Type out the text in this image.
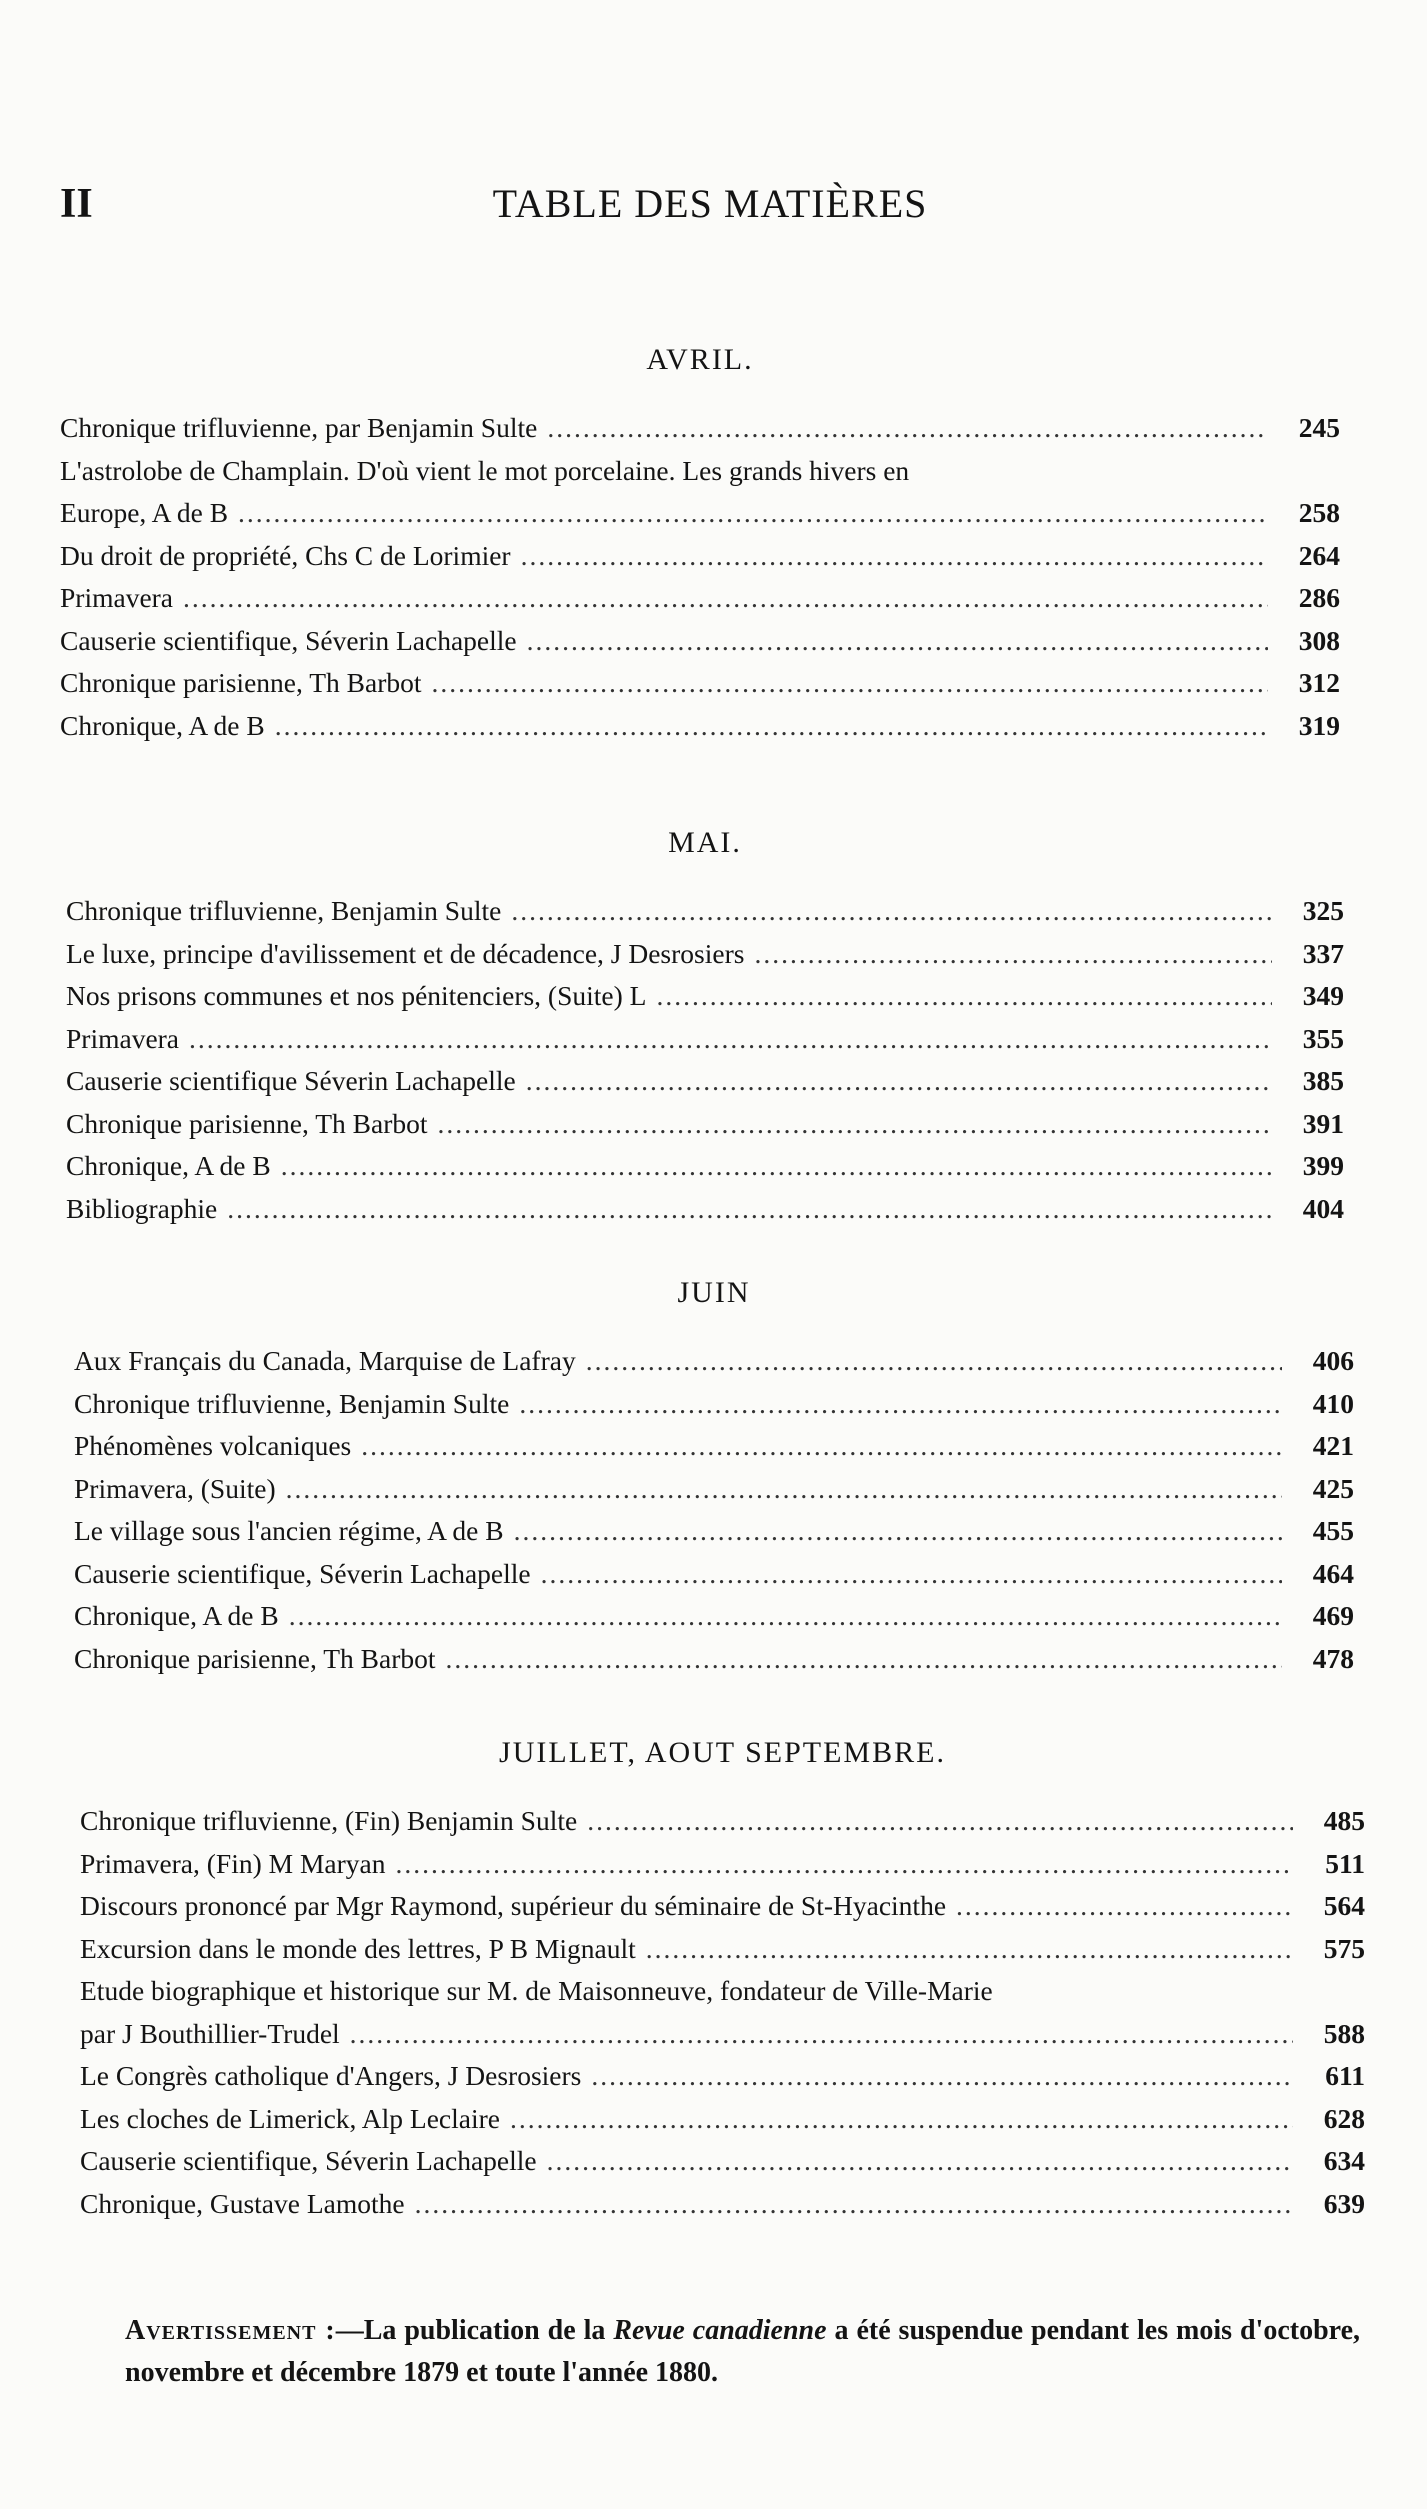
II	TABLE DES MATIÈRES
AVRIL.
Chronique trifluvienne, par Benjamin Sulte .....	245
L'astrolobe de Champlain. D'où vient le mot porcelaine. Les grands hivers en
Europe, A de B .....	258
Du droit de propriété, Chs C de Lorimier .....	264
Primavera .....	286
Causerie scientifique, Séverin Lachapelle .....	308
Chronique parisienne, Th Barbot .....	312
Chronique, A de B .....	319
MAI.
Chronique trifluvienne, Benjamin Sulte .....	325
Le luxe, principe d'avilissement et de décadence, J Desrosiers .....	337
Nos prisons communes et nos pénitenciers, (Suite) L .....	349
Primavera .....	355
Causerie scientifique Séverin Lachapelle .....	385
Chronique parisienne, Th Barbot .....	391
Chronique, A de B .....	399
Bibliographie .....	404
JUIN
Aux Français du Canada, Marquise de Lafray .....	406
Chronique trifluvienne, Benjamin Sulte .....	410
Phénomènes volcaniques .....	421
Primavera, (Suite) .....	425
Le village sous l'ancien régime, A de B .....	455
Causerie scientifique, Séverin Lachapelle .....	464
Chronique, A de B .....	469
Chronique parisienne, Th Barbot .....	478
JUILLET, AOUT SEPTEMBRE.
Chronique trifluvienne, (Fin) Benjamin Sulte .....	485
Primavera, (Fin) M Maryan .....	511
Discours prononcé par Mgr Raymond, supérieur du séminaire de St-Hyacinthe .....	564
Excursion dans le monde des lettres, P B Mignault .....	575
Etude biographique et historique sur M. de Maisonneuve, fondateur de Ville-Marie
par J Bouthillier-Trudel .....	588
Le Congrès catholique d'Angers, J Desrosiers .....	611
Les cloches de Limerick, Alp Leclaire .....	628
Causerie scientifique, Séverin Lachapelle .....	634
Chronique, Gustave Lamothe .....	639
Avertissement :—La publication de la Revue canadienne a été suspendue pendant les mois d'octobre, novembre et décembre 1879 et toute l'année 1880.
